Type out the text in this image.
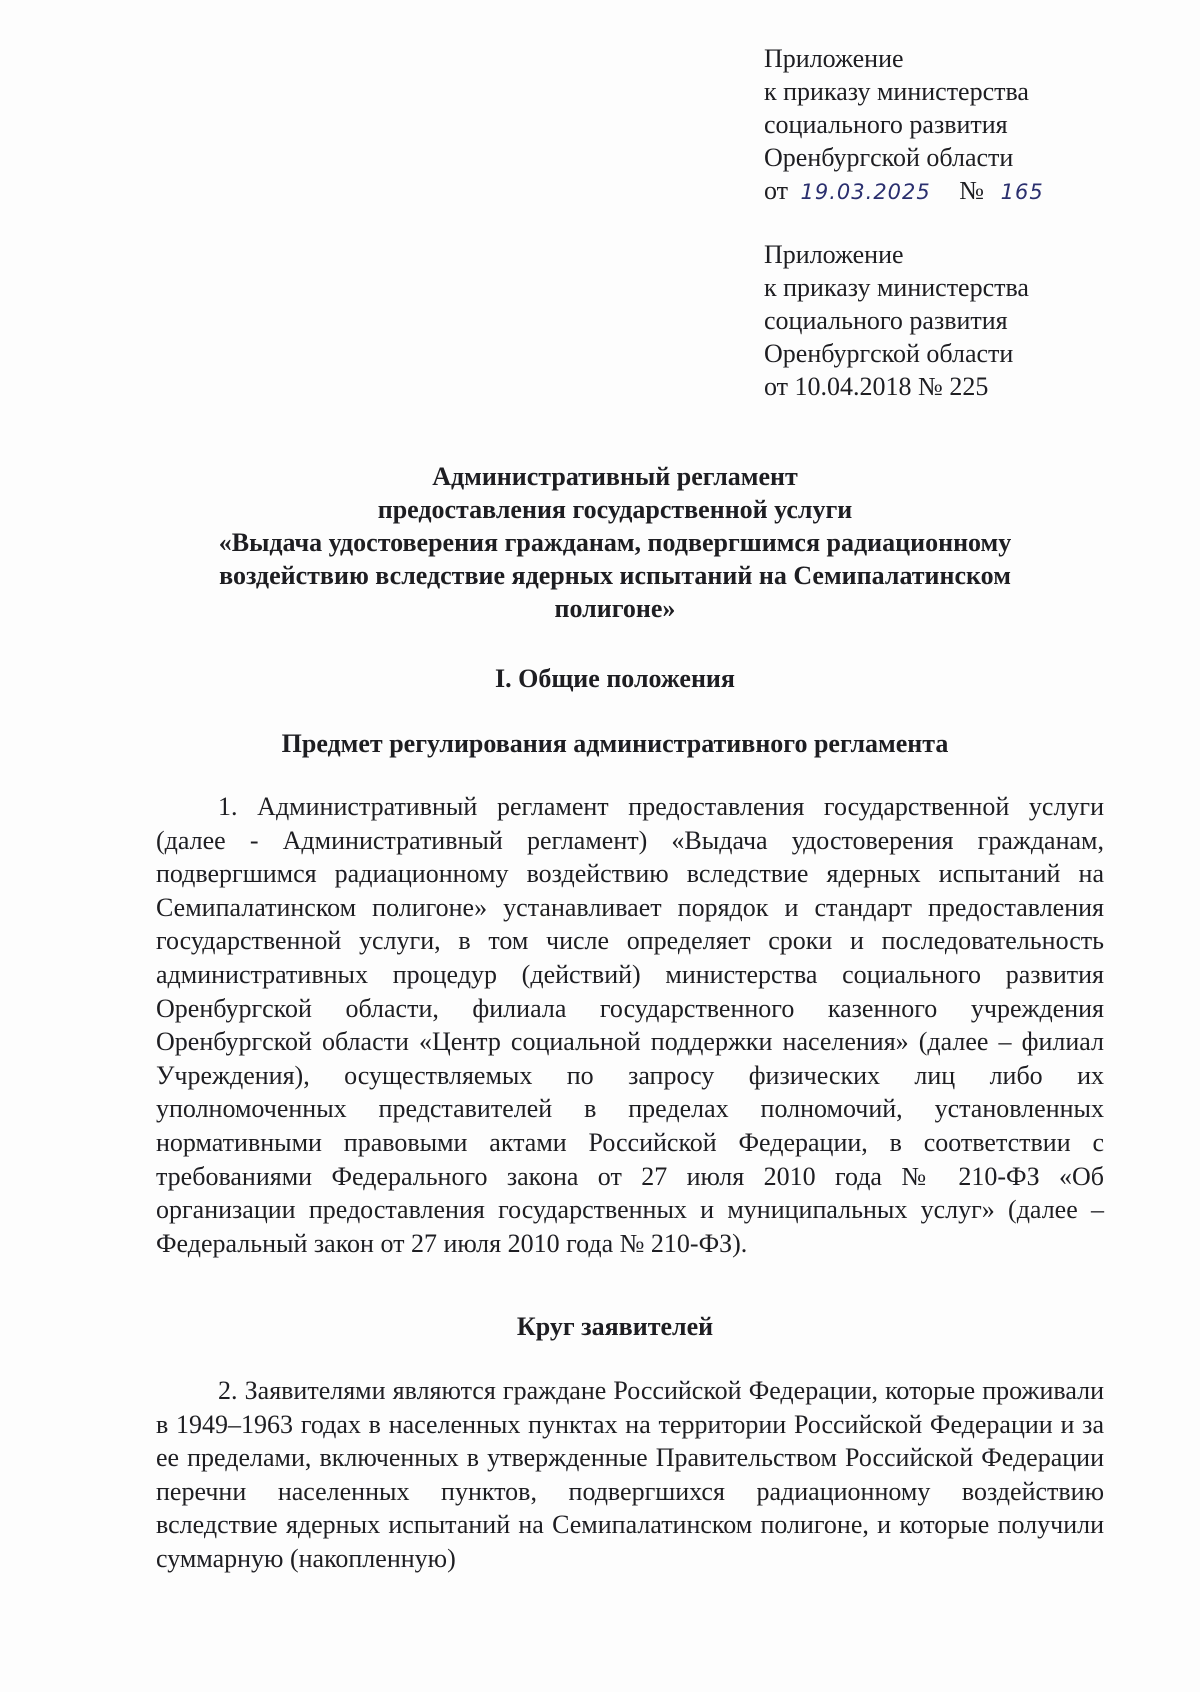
Приложение
к приказу министерства
социального развития
Оренбургской области
от 19.03.2025 № 165
Приложение
к приказу министерства
социального развития
Оренбургской области
от 10.04.2018 № 225
Административный регламент
предоставления государственной услуги
«Выдача удостоверения гражданам, подвергшимся радиационному
воздействию вследствие ядерных испытаний на Семипалатинском
полигоне»
I. Общие положения
Предмет регулирования административного регламента

1. Административный регламент предоставления государственной услуги (далее - Административный регламент) «Выдача удостоверения гражданам, подвергшимся радиационному воздействию вследствие ядерных испытаний на Семипалатинском полигоне» устанавливает порядок и стандарт предоставления государственной услуги, в том числе определяет сроки и последовательность административных процедур (действий) министерства социального развития Оренбургской области, филиала государственного казенного учреждения Оренбургской области «Центр социальной поддержки населения» (далее – филиал Учреждения), осуществляемых по запросу физических лиц либо их уполномоченных представителей в пределах полномочий, установленных нормативными правовыми актами Российской Федерации, в соответствии с требованиями Федерального закона от 27 июля 2010 года № 210-ФЗ «Об организации предоставления государственных и муниципальных услуг» (далее – Федеральный закон от 27 июля 2010 года № 210-ФЗ).

Круг заявителей

2. Заявителями являются граждане Российской Федерации, которые проживали в 1949–1963 годах в населенных пунктах на территории Российской Федерации и за ее пределами, включенных в утвержденные Правительством Российской Федерации перечни населенных пунктов, подвергшихся радиационному воздействию вследствие ядерных испытаний на Семипалатинском полигоне, и которые получили суммарную (накопленную)
